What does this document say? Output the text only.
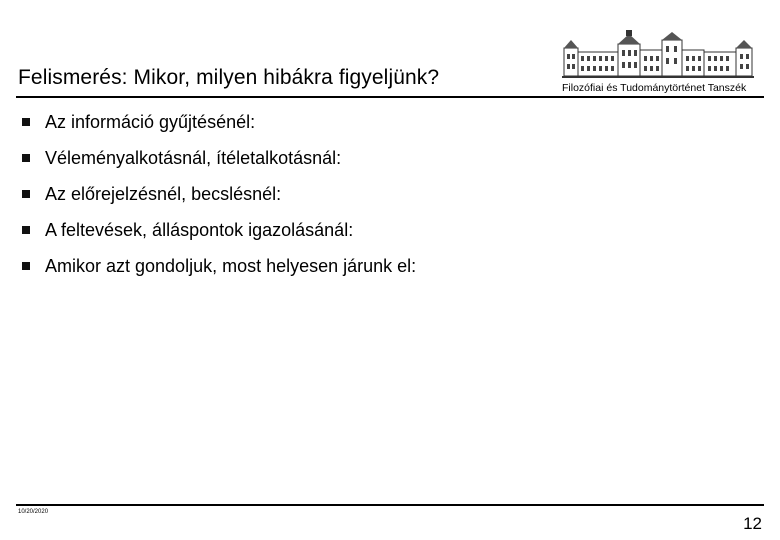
Felismerés: Mikor, milyen hibákra figyeljünk?	Filozófiai és Tudománytörténet Tanszék
Az információ gyűjtésénél:
Véleményalkotásnál, ítéletalkotásnál:
Az előrejelzésnél, becslésnél:
A feltevések, álláspontok igazolásánál:
Amikor azt gondoljuk, most helyesen járunk el:
10/20/2020
12
